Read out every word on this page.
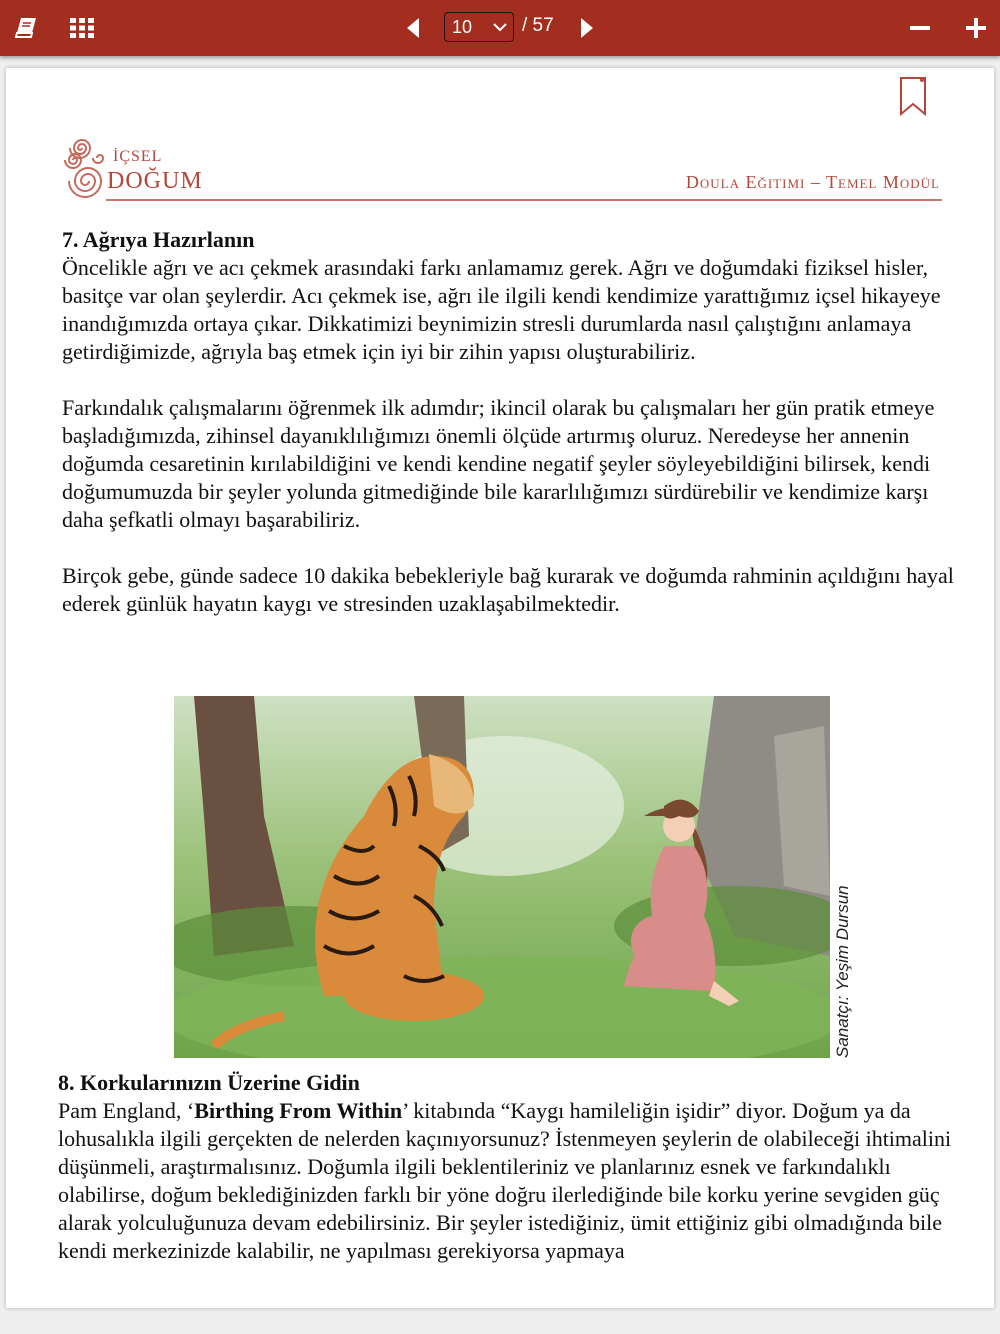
10	/ 57
İÇSEL
DOĞUM	Doula Eğitimi – Temel Modül
7. Ağrıya Hazırlanın

Öncelikle ağrı ve acı çekmek arasındaki farkı anlamamız gerek. Ağrı ve doğumdaki fiziksel hisler, basitçe var olan şeylerdir. Acı çekmek ise, ağrı ile ilgili kendi kendimize yarattığımız içsel hikayeye inandığımızda ortaya çıkar. Dikkatimizi beynimizin stresli durumlarda nasıl çalıştığını anlamaya getirdiğimizde, ağrıyla baş etmek için iyi bir zihin yapısı oluşturabiliriz.

Farkındalık çalışmalarını öğrenmek ilk adımdır; ikincil olarak bu çalışmaları her gün pratik etmeye başladığımızda, zihinsel dayanıklılığımızı önemli ölçüde artırmış oluruz. Neredeyse her annenin doğumda cesaretinin kırılabildiğini ve kendi kendine negatif şeyler söyleyebildiğini bilirsek, kendi doğumumuzda bir şeyler yolunda gitmediğinde bile kararlılığımızı sürdürebilir ve kendimize karşı daha şefkatli olmayı başarabiliriz.

Birçok gebe, günde sadece 10 dakika bebekleriyle bağ kurarak ve doğumda rahminin açıldığını hayal ederek günlük hayatın kaygı ve stresinden uzaklaşabilmektedir.

Sanatçı: Yeşim Dursun
8. Korkularınızın Üzerine Gidin

Pam England, ‘Birthing From Within’ kitabında “Kaygı hamileliğin işidir” diyor. Doğum ya da lohusalıkla ilgili gerçekten de nelerden kaçınıyorsunuz? İstenmeyen şeylerin de olabileceği ihtimalini düşünmeli, araştırmalısınız. Doğumla ilgili beklentileriniz ve planlarınız esnek ve farkındalıklı olabilirse, doğum beklediğinizden farklı bir yöne doğru ilerlediğinde bile korku yerine sevgiden güç alarak yolculuğunuza devam edebilirsiniz. Bir şeyler istediğiniz, ümit ettiğiniz gibi olmadığında bile kendi merkezinizde kalabilir, ne yapılması gerekiyorsa yapmaya
